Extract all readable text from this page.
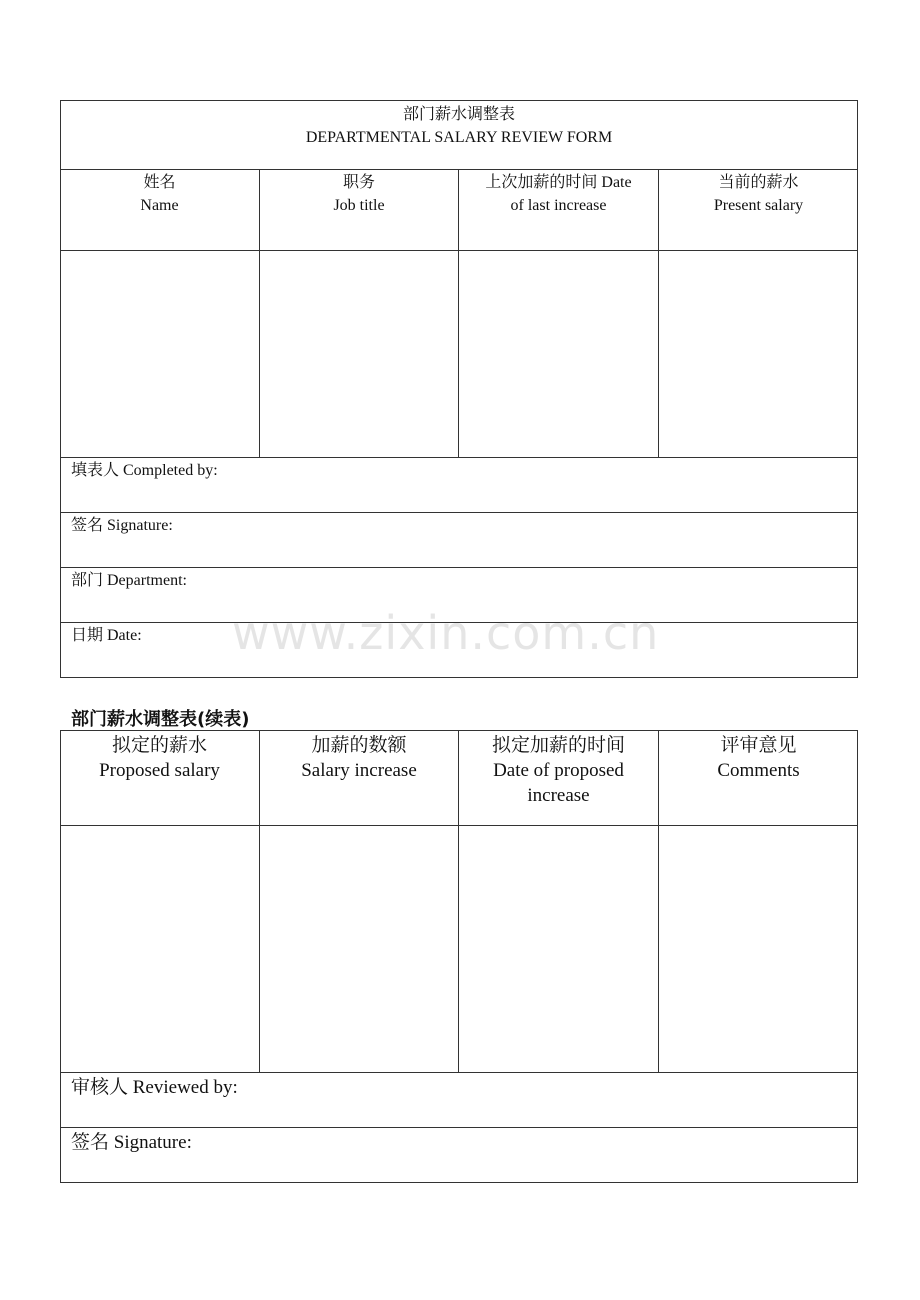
部门薪水调整表
DEPARTMENTAL SALARY REVIEW FORM
姓名
Name
职务
Job title
上次加薪的时间 Date
of last increase
当前的薪水
Present salary
填表人 Completed by:
签名 Signature:
部门 Department:
日期 Date:	www.zixin.com.cn
部门薪水调整表(续表)
拟定的薪水
Proposed salary
加薪的数额
Salary increase
拟定加薪的时间
Date of proposed
increase
评审意见
Comments
审核人 Reviewed by:
签名 Signature:
